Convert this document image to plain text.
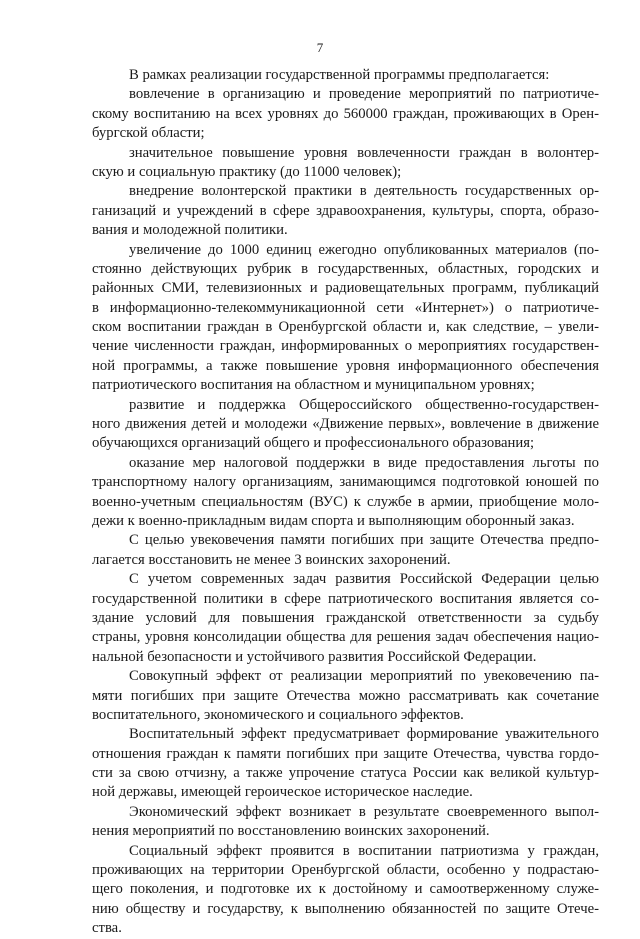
7
В рамках реализации государственной программы предполагается:
вовлечение в организацию и проведение мероприятий по патриотиче-
скому воспитанию на всех уровнях до 560000 граждан, проживающих в Орен-
бургской области;
значительное повышение уровня вовлеченности граждан в волонтер-
скую и социальную практику (до 11000 человек);
внедрение волонтерской практики в деятельность государственных ор-
ганизаций и учреждений в сфере здравоохранения, культуры, спорта, образо-
вания и молодежной политики.
увеличение до 1000 единиц ежегодно опубликованных материалов (по-
стоянно действующих рубрик в государственных, областных, городских и
районных СМИ, телевизионных и радиовещательных программ, публикаций
в информационно-телекоммуникационной сети «Интернет») о патриотиче-
ском воспитании граждан в Оренбургской области и, как следствие, – увели-
чение численности граждан, информированных о мероприятиях государствен-
ной программы, а также повышение уровня информационного обеспечения
патриотического воспитания на областном и муниципальном уровнях;
развитие и поддержка Общероссийского общественно-государствен-
ного движения детей и молодежи «Движение первых», вовлечение в движение
обучающихся организаций общего и профессионального образования;
оказание мер налоговой поддержки в виде предоставления льготы по
транспортному налогу организациям, занимающимся подготовкой юношей по
военно-учетным специальностям (ВУС) к службе в армии, приобщение моло-
дежи к военно-прикладным видам спорта и выполняющим оборонный заказ.
С целью увековечения памяти погибших при защите Отечества предпо-
лагается восстановить не менее 3 воинских захоронений.
С учетом современных задач развития Российской Федерации целью
государственной политики в сфере патриотического воспитания является со-
здание условий для повышения гражданской ответственности за судьбу
страны, уровня консолидации общества для решения задач обеспечения нацио-
нальной безопасности и устойчивого развития Российской Федерации.
Совокупный эффект от реализации мероприятий по увековечению па-
мяти погибших при защите Отечества можно рассматривать как сочетание
воспитательного, экономического и социального эффектов.
Воспитательный эффект предусматривает формирование уважительного
отношения граждан к памяти погибших при защите Отечества, чувства гордо-
сти за свою отчизну, а также упрочение статуса России как великой культур-
ной державы, имеющей героическое историческое наследие.
Экономический эффект возникает в результате своевременного выпол-
нения мероприятий по восстановлению воинских захоронений.
Социальный эффект проявится в воспитании патриотизма у граждан,
проживающих на территории Оренбургской области, особенно у подрастаю-
щего поколения, и подготовке их к достойному и самоотверженному служе-
нию обществу и государству, к выполнению обязанностей по защите Отече-
ства.
